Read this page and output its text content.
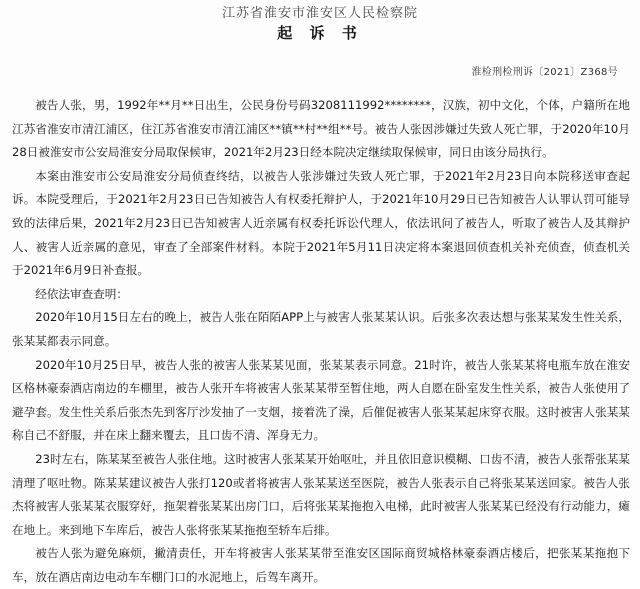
江苏省淮安市淮安区人民检察院
起 诉 书
淮检刑检刑诉〔2021〕Z368号

被告人张，男，1992年**月**日出生，公民身份号码3208111992********，汉族，初中文化，个体，户籍所在地江苏省淮安市清江浦区，住江苏省淮安市清江浦区**镇**村**组**号。被告人张因涉嫌过失致人死亡罪，于2020年10月28日被淮安市公安局淮安分局取保候审，2021年2月23日经本院决定继续取保候审，同日由该分局执行。

本案由淮安市公安局淮安分局侦查终结，以被告人张涉嫌过失致人死亡罪，于2021年2月23日向本院移送审查起诉。本院受理后，于2021年2月23日已告知被告人有权委托辩护人，于2021年10月29日已告知被告人认罪认罚可能导致的法律后果，2021年2月23日已告知被害人近亲属有权委托诉讼代理人，依法讯问了被告人，听取了被告人及其辩护人、被害人近亲属的意见，审查了全部案件材料。本院于2021年5月11日决定将本案退回侦查机关补充侦查，侦查机关于2021年6月9日补查报。

经依法审查查明：

2020年10月15日左右的晚上，被告人张在陌陌APP上与被害人张某某认识。后张多次表达想与张某某发生性关系，张某某都表示同意。

2020年10月25日早，被告人张的被害人张某某见面，张某某表示同意。21时许，被告人张某某将电瓶车放在淮安区格林豪泰酒店南边的车棚里，被告人张开车将被害人张某某带至暂住地，两人自愿在卧室发生性关系，被告人张使用了避孕套。发生性关系后张杰先到客厅沙发抽了一支烟，接着洗了澡，后催促被害人张某某起床穿衣服。这时被害人张某某称自己不舒服，并在床上翻来覆去，且口齿不清、浑身无力。

23时左右，陈某某至被告人张住地。这时被害人张某某开始呕吐，并且依旧意识模糊、口齿不清，被告人张帮张某某清理了呕吐物。陈某某建议被告人张打120或者将被害人张某某送至医院，被告人张表示自己将张某某送回家。被告人张杰将被害人张某某衣服穿好，拖架着张某某出房门口，后将张某某拖抱入电梯，此时被害人张某某已经没有行动能力，瘫在地上。来到地下车库后，被告人张将张某某拖抱至轿车后排。

被告人张为避免麻烦，撇清责任，开车将被害人张某某带至淮安区国际商贸城格林豪泰酒店楼后，把张某某拖抱下车，放在酒店南边电动车车棚门口的水泥地上，后驾车离开。
